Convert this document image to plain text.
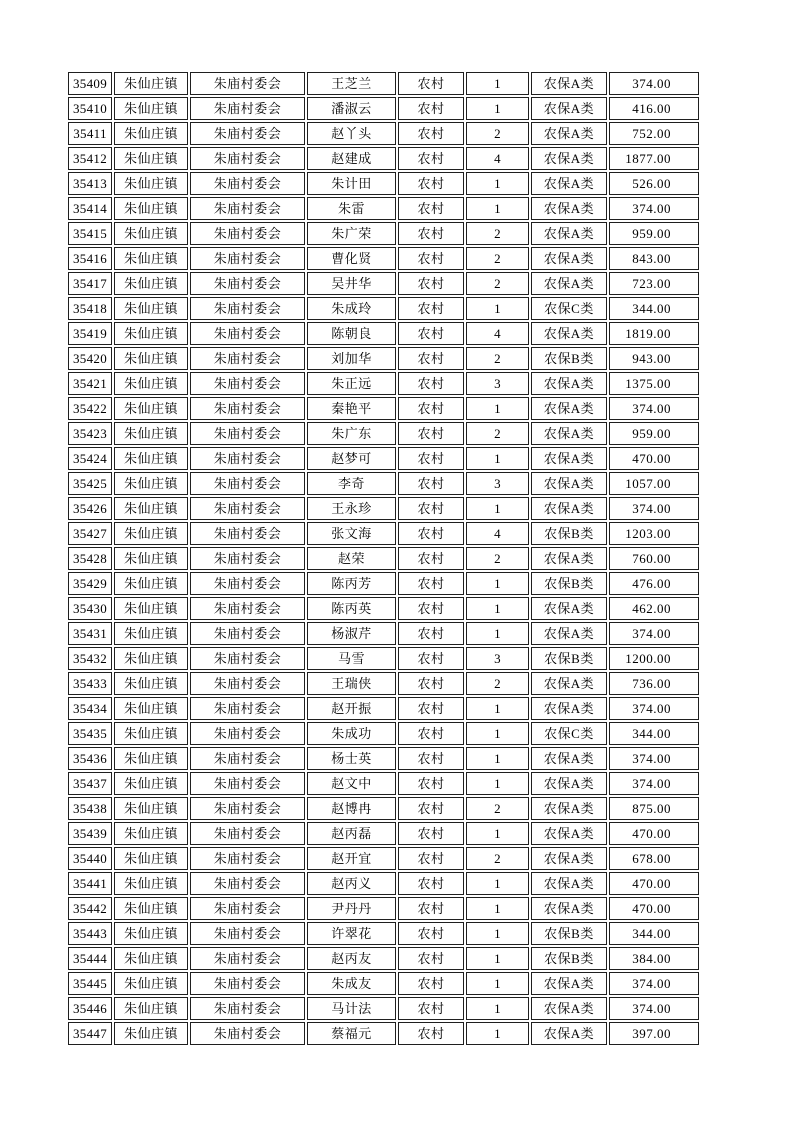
35409	朱仙庄镇	朱庙村委会	王芝兰	农村	1	农保A类	374.00
35410	朱仙庄镇	朱庙村委会	潘淑云	农村	1	农保A类	416.00
35411	朱仙庄镇	朱庙村委会	赵丫头	农村	2	农保A类	752.00
35412	朱仙庄镇	朱庙村委会	赵建成	农村	4	农保A类	1877.00
35413	朱仙庄镇	朱庙村委会	朱计田	农村	1	农保A类	526.00
35414	朱仙庄镇	朱庙村委会	朱雷	农村	1	农保A类	374.00
35415	朱仙庄镇	朱庙村委会	朱广荣	农村	2	农保A类	959.00
35416	朱仙庄镇	朱庙村委会	曹化贤	农村	2	农保A类	843.00
35417	朱仙庄镇	朱庙村委会	吴井华	农村	2	农保A类	723.00
35418	朱仙庄镇	朱庙村委会	朱成玲	农村	1	农保C类	344.00
35419	朱仙庄镇	朱庙村委会	陈朝良	农村	4	农保A类	1819.00
35420	朱仙庄镇	朱庙村委会	刘加华	农村	2	农保B类	943.00
35421	朱仙庄镇	朱庙村委会	朱正远	农村	3	农保A类	1375.00
35422	朱仙庄镇	朱庙村委会	秦艳平	农村	1	农保A类	374.00
35423	朱仙庄镇	朱庙村委会	朱广东	农村	2	农保A类	959.00
35424	朱仙庄镇	朱庙村委会	赵梦可	农村	1	农保A类	470.00
35425	朱仙庄镇	朱庙村委会	李奇	农村	3	农保A类	1057.00
35426	朱仙庄镇	朱庙村委会	王永珍	农村	1	农保A类	374.00
35427	朱仙庄镇	朱庙村委会	张文海	农村	4	农保B类	1203.00
35428	朱仙庄镇	朱庙村委会	赵荣	农村	2	农保A类	760.00
35429	朱仙庄镇	朱庙村委会	陈丙芳	农村	1	农保B类	476.00
35430	朱仙庄镇	朱庙村委会	陈丙英	农村	1	农保A类	462.00
35431	朱仙庄镇	朱庙村委会	杨淑芹	农村	1	农保A类	374.00
35432	朱仙庄镇	朱庙村委会	马雪	农村	3	农保B类	1200.00
35433	朱仙庄镇	朱庙村委会	王瑞侠	农村	2	农保A类	736.00
35434	朱仙庄镇	朱庙村委会	赵开振	农村	1	农保A类	374.00
35435	朱仙庄镇	朱庙村委会	朱成功	农村	1	农保C类	344.00
35436	朱仙庄镇	朱庙村委会	杨士英	农村	1	农保A类	374.00
35437	朱仙庄镇	朱庙村委会	赵文中	农村	1	农保A类	374.00
35438	朱仙庄镇	朱庙村委会	赵博冉	农村	2	农保A类	875.00
35439	朱仙庄镇	朱庙村委会	赵丙磊	农村	1	农保A类	470.00
35440	朱仙庄镇	朱庙村委会	赵开宜	农村	2	农保A类	678.00
35441	朱仙庄镇	朱庙村委会	赵丙义	农村	1	农保A类	470.00
35442	朱仙庄镇	朱庙村委会	尹丹丹	农村	1	农保A类	470.00
35443	朱仙庄镇	朱庙村委会	许翠花	农村	1	农保B类	344.00
35444	朱仙庄镇	朱庙村委会	赵丙友	农村	1	农保B类	384.00
35445	朱仙庄镇	朱庙村委会	朱成友	农村	1	农保A类	374.00
35446	朱仙庄镇	朱庙村委会	马计法	农村	1	农保A类	374.00
35447	朱仙庄镇	朱庙村委会	蔡福元	农村	1	农保A类	397.00
